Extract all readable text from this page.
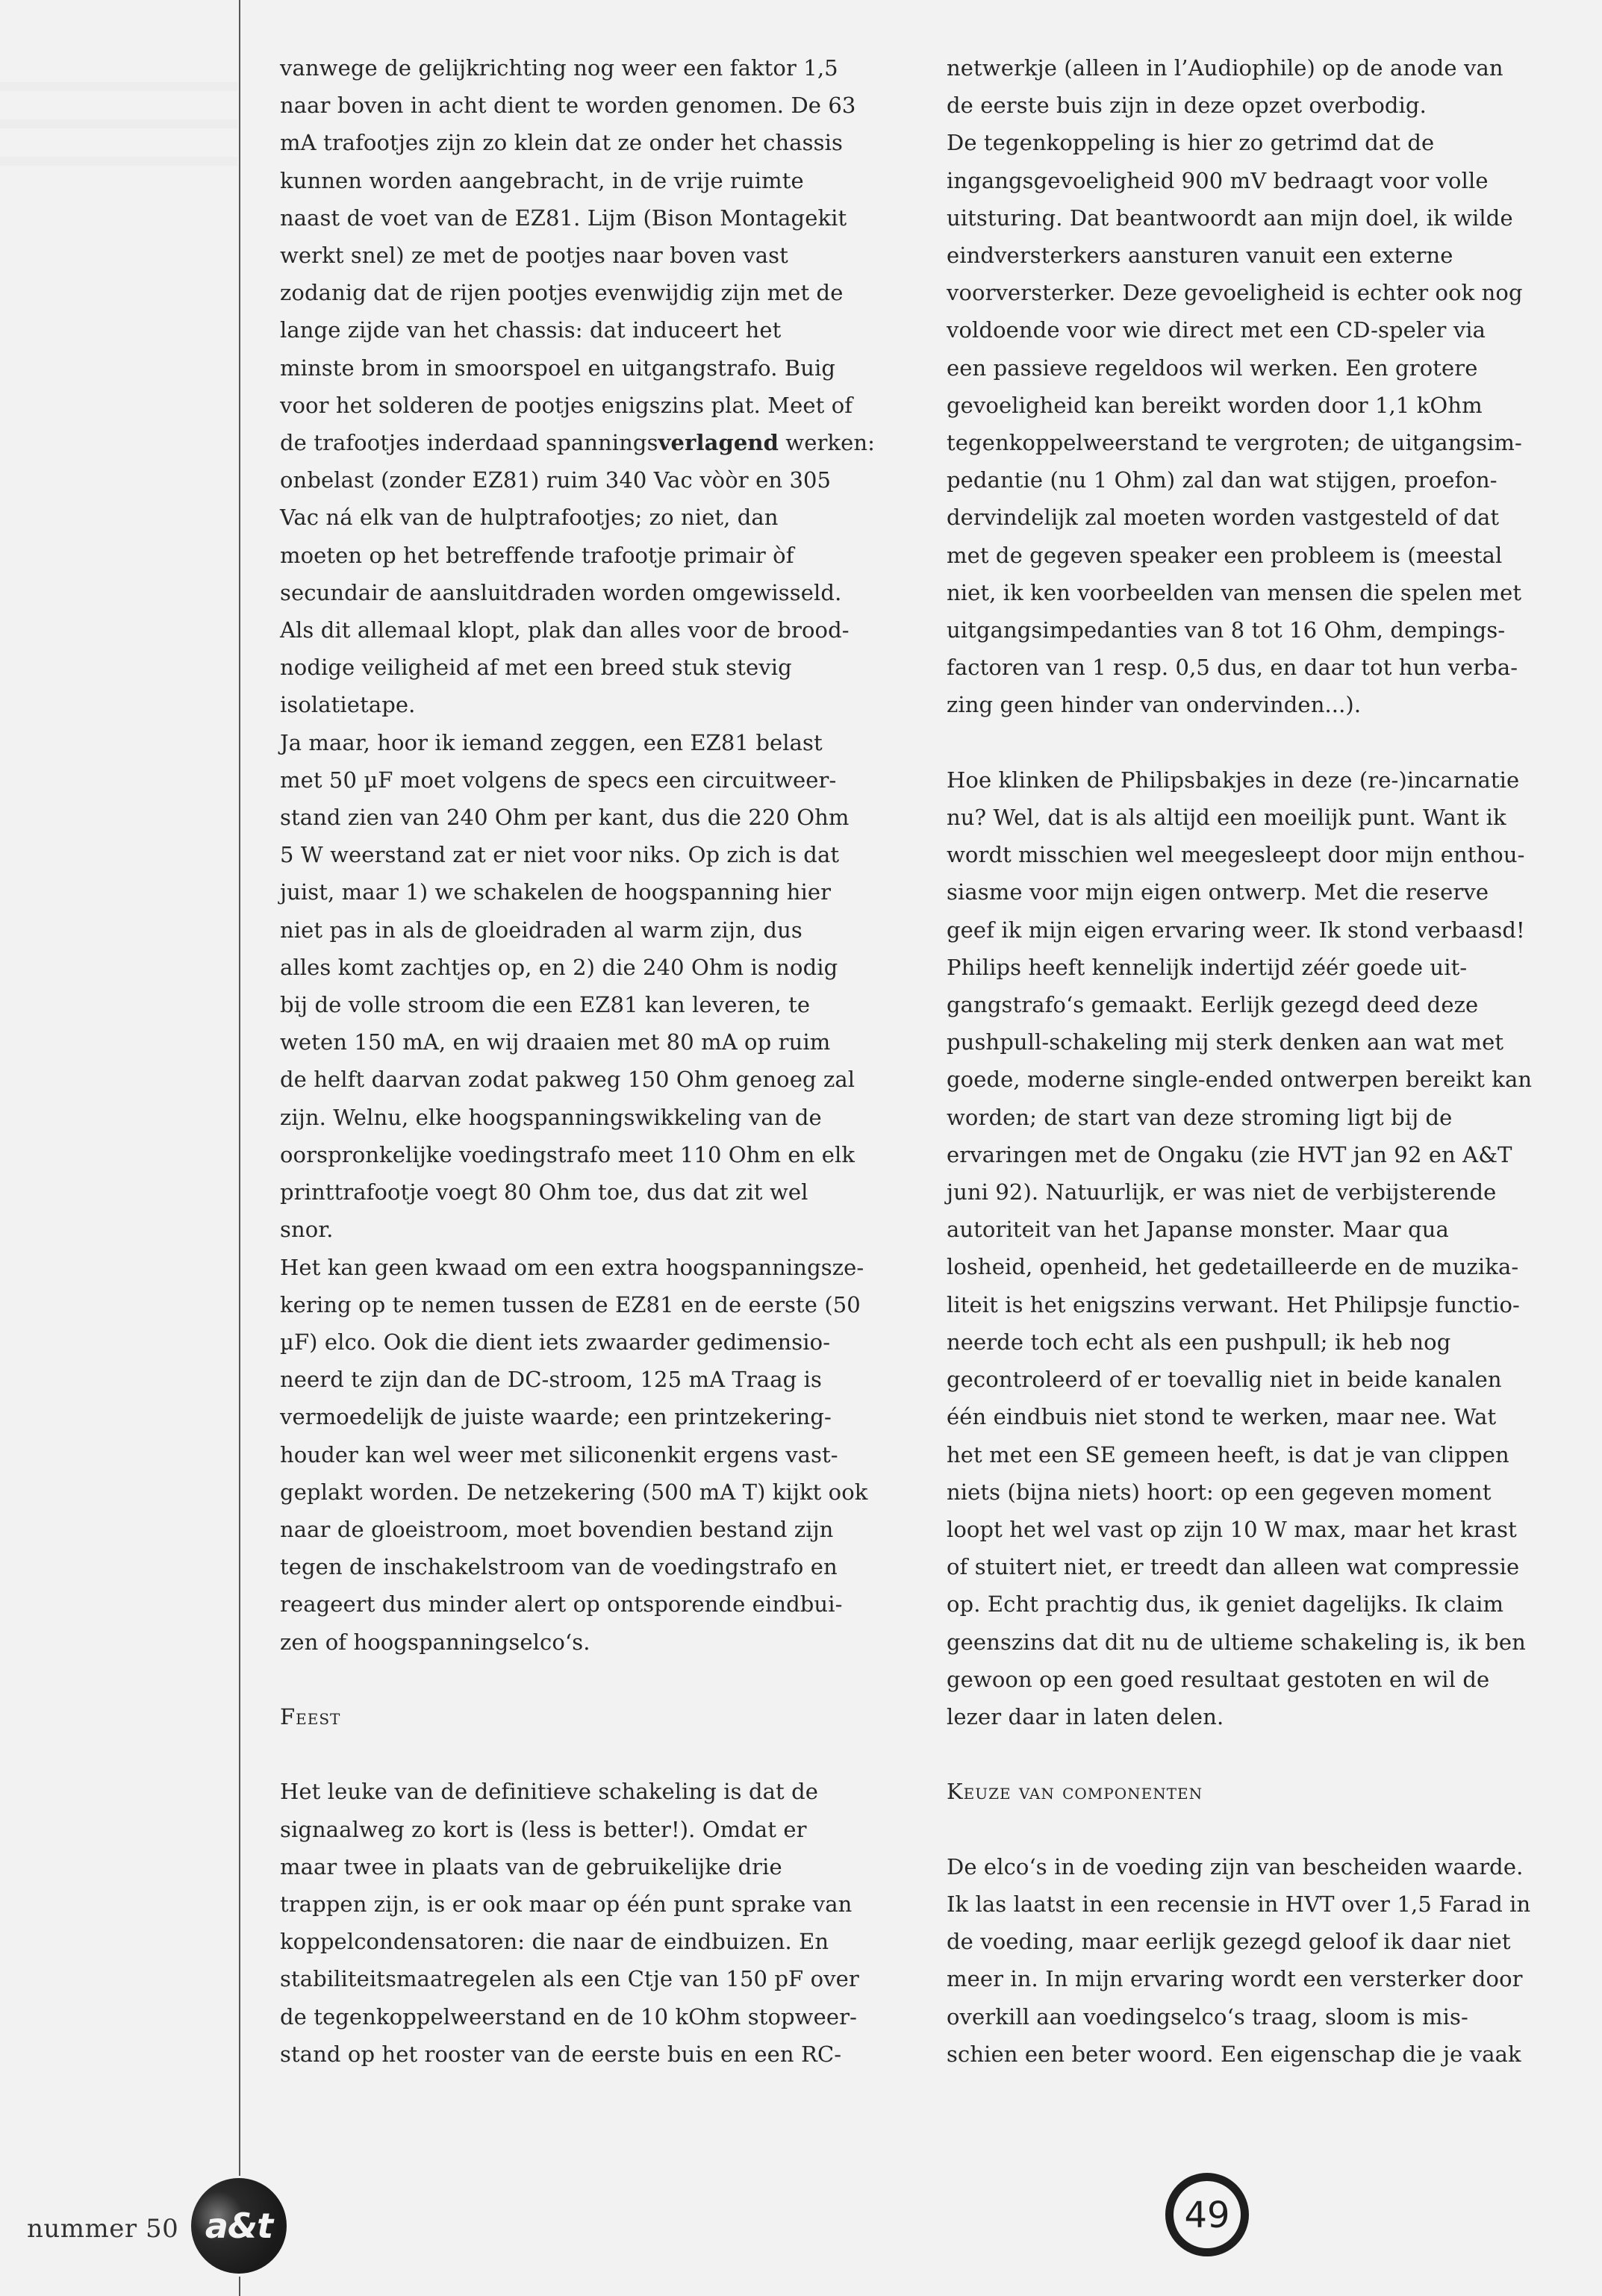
vanwege de gelijkrichting nog weer een faktor 1,5
naar boven in acht dient te worden genomen. De 63
mA trafootjes zijn zo klein dat ze onder het chassis
kunnen worden aangebracht, in de vrije ruimte
naast de voet van de EZ81. Lijm (Bison Montagekit
werkt snel) ze met de pootjes naar boven vast
zodanig dat de rijen pootjes evenwijdig zijn met de
lange zijde van het chassis: dat induceert het
minste brom in smoorspoel en uitgangstrafo. Buig
voor het solderen de pootjes enigszins plat. Meet of
de trafootjes inderdaad spanningsverlagend werken:
onbelast (zonder EZ81) ruim 340 Vac vòòr en 305
Vac ná elk van de hulptrafootjes; zo niet, dan
moeten op het betreffende trafootje primair òf
secundair de aansluitdraden worden omgewisseld.
Als dit allemaal klopt, plak dan alles voor de brood-
nodige veiligheid af met een breed stuk stevig
isolatietape.
Ja maar, hoor ik iemand zeggen, een EZ81 belast
met 50 µF moet volgens de specs een circuitweer-
stand zien van 240 Ohm per kant, dus die 220 Ohm
5 W weerstand zat er niet voor niks. Op zich is dat
juist, maar 1) we schakelen de hoogspanning hier
niet pas in als de gloeidraden al warm zijn, dus
alles komt zachtjes op, en 2) die 240 Ohm is nodig
bij de volle stroom die een EZ81 kan leveren, te
weten 150 mA, en wij draaien met 80 mA op ruim
de helft daarvan zodat pakweg 150 Ohm genoeg zal
zijn. Welnu, elke hoogspanningswikkeling van de
oorspronkelijke voedingstrafo meet 110 Ohm en elk
printtrafootje voegt 80 Ohm toe, dus dat zit wel
snor.
Het kan geen kwaad om een extra hoogspanningsze-
kering op te nemen tussen de EZ81 en de eerste (50
µF) elco. Ook die dient iets zwaarder gedimensio-
neerd te zijn dan de DC-stroom, 125 mA Traag is
vermoedelijk de juiste waarde; een printzekering-
houder kan wel weer met siliconenkit ergens vast-
geplakt worden. De netzekering (500 mA T) kijkt ook
naar de gloeistroom, moet bovendien bestand zijn
tegen de inschakelstroom van de voedingstrafo en
reageert dus minder alert op ontsporende eindbui-
zen of hoogspanningselco‘s.
Feest
Het leuke van de definitieve schakeling is dat de
signaalweg zo kort is (less is better!). Omdat er
maar twee in plaats van de gebruikelijke drie
trappen zijn, is er ook maar op één punt sprake van
koppelcondensatoren: die naar de eindbuizen. En
stabiliteitsmaatregelen als een Ctje van 150 pF over
de tegenkoppelweerstand en de 10 kOhm stopweer-
stand op het rooster van de eerste buis en een RC-
netwerkje (alleen in l’Audiophile) op de anode van
de eerste buis zijn in deze opzet overbodig.
De tegenkoppeling is hier zo getrimd dat de
ingangsgevoeligheid 900 mV bedraagt voor volle
uitsturing. Dat beantwoordt aan mijn doel, ik wilde
eindversterkers aansturen vanuit een externe
voorversterker. Deze gevoeligheid is echter ook nog
voldoende voor wie direct met een CD-speler via
een passieve regeldoos wil werken. Een grotere
gevoeligheid kan bereikt worden door 1,1 kOhm
tegenkoppelweerstand te vergroten; de uitgangsim-
pedantie (nu 1 Ohm) zal dan wat stijgen, proefon-
dervindelijk zal moeten worden vastgesteld of dat
met de gegeven speaker een probleem is (meestal
niet, ik ken voorbeelden van mensen die spelen met
uitgangsimpedanties van 8 tot 16 Ohm, dempings-
factoren van 1 resp. 0,5 dus, en daar tot hun verba-
zing geen hinder van ondervinden...).
Hoe klinken de Philipsbakjes in deze (re-)incarnatie
nu? Wel, dat is als altijd een moeilijk punt. Want ik
wordt misschien wel meegesleept door mijn enthou-
siasme voor mijn eigen ontwerp. Met die reserve
geef ik mijn eigen ervaring weer. Ik stond verbaasd!
Philips heeft kennelijk indertijd zéér goede uit-
gangstrafo‘s gemaakt. Eerlijk gezegd deed deze
pushpull-schakeling mij sterk denken aan wat met
goede, moderne single-ended ontwerpen bereikt kan
worden; de start van deze stroming ligt bij de
ervaringen met de Ongaku (zie HVT jan 92 en A&T
juni 92). Natuurlijk, er was niet de verbijsterende
autoriteit van het Japanse monster. Maar qua
losheid, openheid, het gedetailleerde en de muzika-
liteit is het enigszins verwant. Het Philipsje functio-
neerde toch echt als een pushpull; ik heb nog
gecontroleerd of er toevallig niet in beide kanalen
één eindbuis niet stond te werken, maar nee. Wat
het met een SE gemeen heeft, is dat je van clippen
niets (bijna niets) hoort: op een gegeven moment
loopt het wel vast op zijn 10 W max, maar het krast
of stuitert niet, er treedt dan alleen wat compressie
op. Echt prachtig dus, ik geniet dagelijks. Ik claim
geenszins dat dit nu de ultieme schakeling is, ik ben
gewoon op een goed resultaat gestoten en wil de
lezer daar in laten delen.
Keuze van componenten
De elco‘s in de voeding zijn van bescheiden waarde.
Ik las laatst in een recensie in HVT over 1,5 Farad in
de voeding, maar eerlijk gezegd geloof ik daar niet
meer in. In mijn ervaring wordt een versterker door
overkill aan voedingselco‘s traag, sloom is mis-
schien een beter woord. Een eigenschap die je vaak
nummer 50 a&t	49
